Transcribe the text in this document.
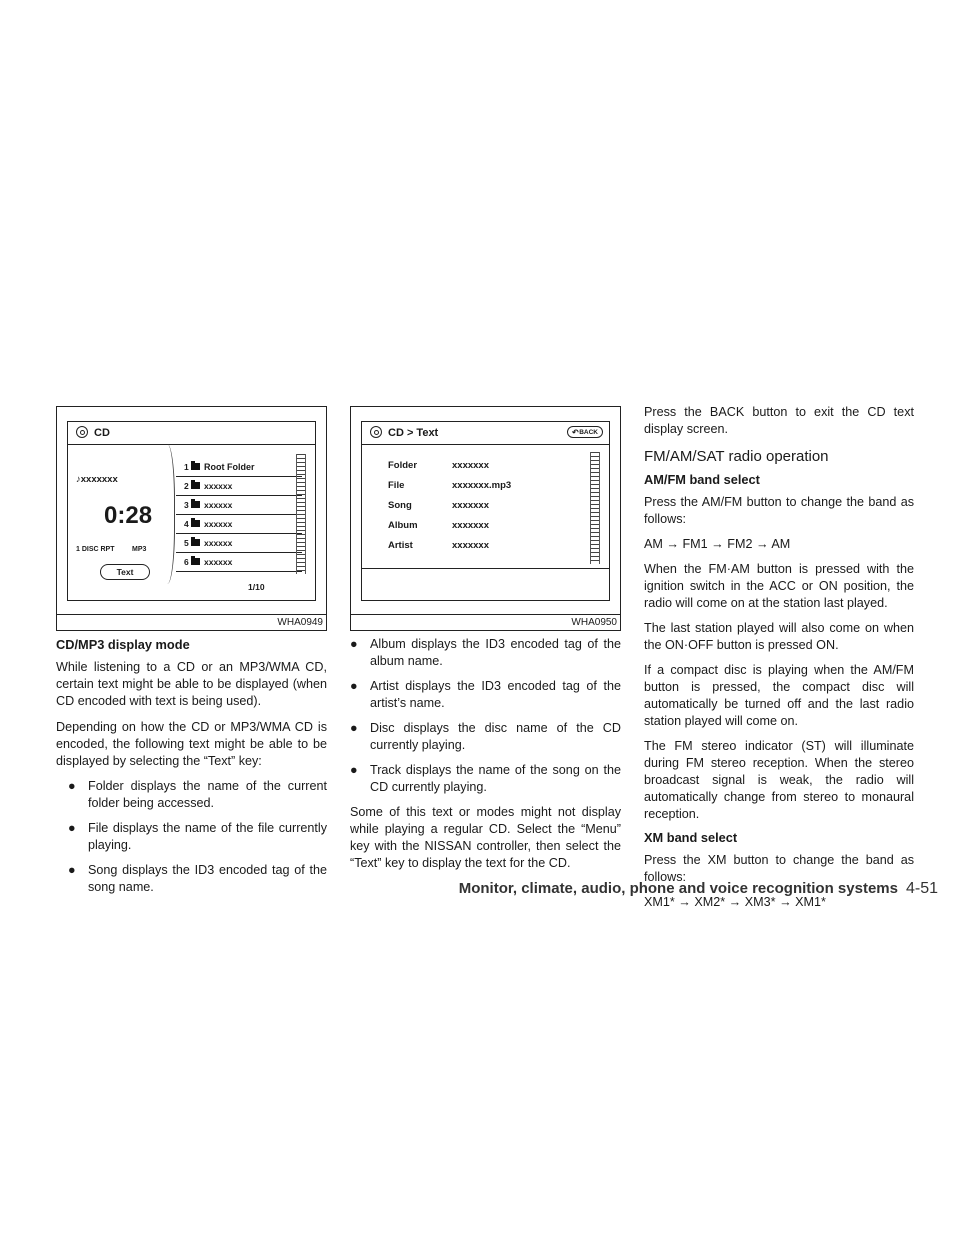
CD
♪xxxxxxx
0:28
1 DISC RPT MP3
Text
1 Root Folder
2 xxxxxx
3 xxxxxx
4 xxxxxx
5 xxxxxx
6 xxxxxx
1/10
WHA0949
CD > Text	↶ BACK
Folder	xxxxxxx
File	xxxxxxx.mp3
Song	xxxxxxx
Album	xxxxxxx
Artist	xxxxxxx
WHA0950

CD/MP3 display mode

While listening to a CD or an MP3/WMA CD, certain text might be able to be displayed (when CD encoded with text is being used).

Depending on how the CD or MP3/WMA CD is encoded, the following text might be able to be displayed by selecting the “Text” key:

● Folder displays the name of the current folder being accessed.

● File displays the name of the file currently playing.

● Song displays the ID3 encoded tag of the song name.

● Album displays the ID3 encoded tag of the album name.

● Artist displays the ID3 encoded tag of the artist’s name.

● Disc displays the disc name of the CD currently playing.

● Track displays the name of the song on the CD currently playing.

Some of this text or modes might not display while playing a regular CD. Select the “Menu” key with the NISSAN controller, then select the “Text” key to display the text for the CD.

Press the BACK button to exit the CD text display screen.

FM/AM/SAT radio operation

AM/FM band select

Press the AM/FM button to change the band as follows:

AM → FM1 → FM2 → AM

When the FM·AM button is pressed with the ignition switch in the ACC or ON position, the radio will come on at the station last played.

The last station played will also come on when the ON·OFF button is pressed ON.

If a compact disc is playing when the AM/FM button is pressed, the compact disc will automatically be turned off and the last radio station played will come on.

The FM stereo indicator (ST) will illuminate during FM stereo reception. When the stereo broadcast signal is weak, the radio will automatically change from stereo to monaural reception.

XM band select

Press the XM button to change the band as follows:

XM1* → XM2* → XM3* → XM1*

Monitor, climate, audio, phone and voice recognition systems 4-51
